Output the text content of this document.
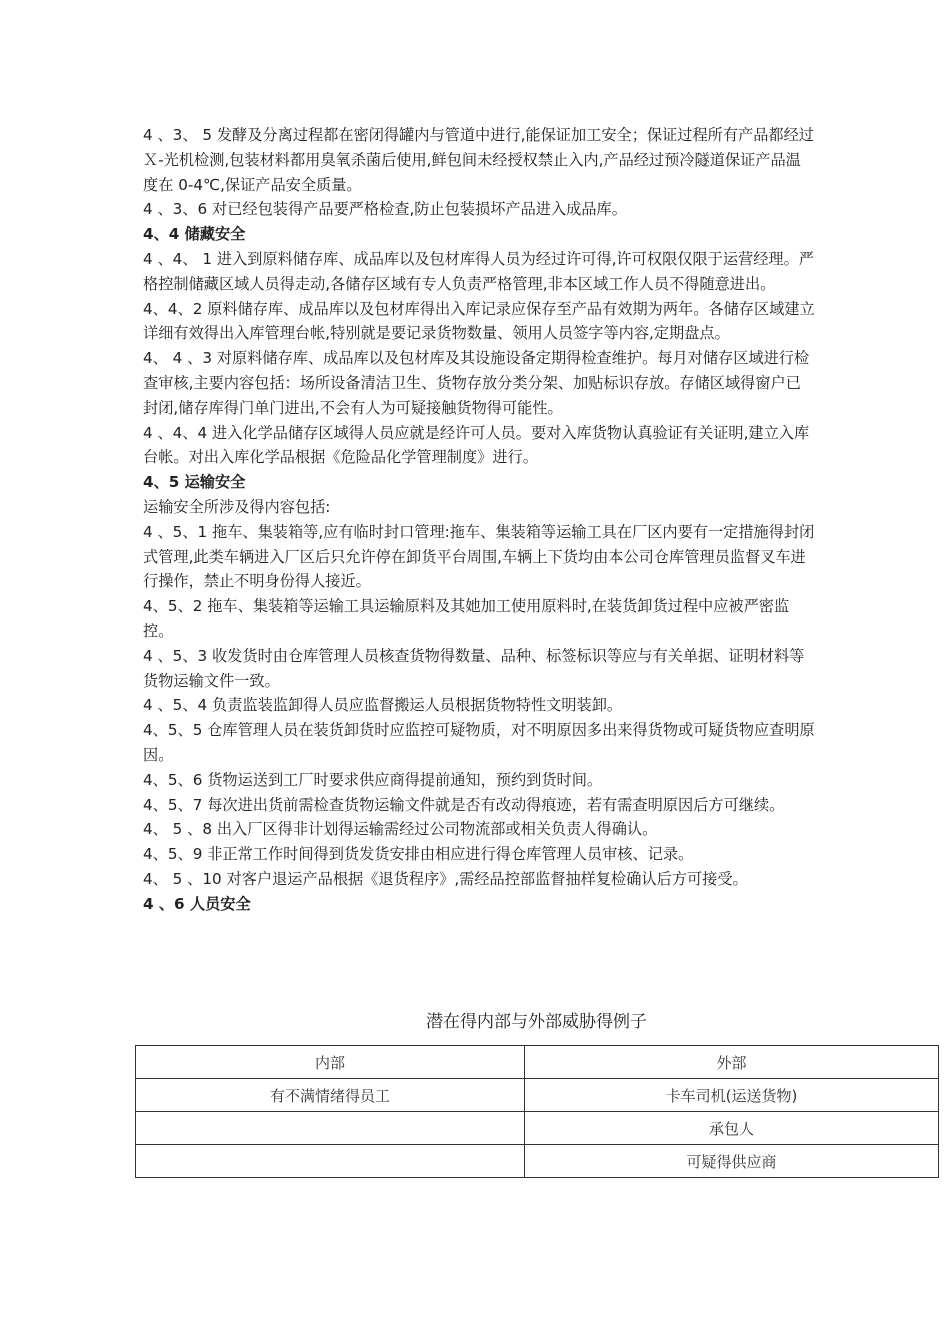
4 、3、 5 发酵及分离过程都在密闭得罐内与管道中进行,能保证加工安全；保证过程所有产品都经过Ｘ-光机检测,包装材料都用臭氧杀菌后使用,鲜包间未经授权禁止入内,产品经过预冷隧道保证产品温度在 0-4℃,保证产品安全质量。

4 、3、6 对已经包装得产品要严格检查,防止包装损坏产品进入成品库。

4、4 储藏安全

4 、4、 1 进入到原料储存库、成品库以及包材库得人员为经过许可得,许可权限仅限于运营经理。严格控制储藏区域人员得走动,各储存区域有专人负责严格管理,非本区域工作人员不得随意进出。

4、4、2 原料储存库、成品库以及包材库得出入库记录应保存至产品有效期为两年。各储存区域建立详细有效得出入库管理台帐,特别就是要记录货物数量、领用人员签字等内容,定期盘点。

4、 4 、3 对原料储存库、成品库以及包材库及其设施设备定期得检查维护。每月对储存区域进行检查审核,主要内容包括：场所设备清洁卫生、货物存放分类分架、加贴标识存放。存储区域得窗户已封闭,储存库得门单门进出,不会有人为可疑接触货物得可能性。

4 、4、4 进入化学品储存区域得人员应就是经许可人员。要对入库货物认真验证有关证明,建立入库台帐。对出入库化学品根据《危险品化学管理制度》进行。

4、5 运输安全

运输安全所涉及得内容包括:

4 、5、1 拖车、集装箱等,应有临时封口管理:拖车、集装箱等运输工具在厂区内要有一定措施得封闭式管理,此类车辆进入厂区后只允许停在卸货平台周围,车辆上下货均由本公司仓库管理员监督叉车进行操作，禁止不明身份得人接近。

4、5、2 拖车、集装箱等运输工具运输原料及其她加工使用原料时,在装货卸货过程中应被严密监控。

4 、5、3 收发货时由仓库管理人员核查货物得数量、品种、标签标识等应与有关单据、证明材料等货物运输文件一致。

4 、5、4 负责监装监卸得人员应监督搬运人员根据货物特性文明装卸。

4、5、5 仓库管理人员在装货卸货时应监控可疑物质，对不明原因多出来得货物或可疑货物应查明原因。

4、5、6 货物运送到工厂时要求供应商得提前通知，预约到货时间。

4、5、7 每次进出货前需检查货物运输文件就是否有改动得痕迹，若有需查明原因后方可继续。

4、 5 、8 出入厂区得非计划得运输需经过公司物流部或相关负责人得确认。

4、5、9 非正常工作时间得到货发货安排由相应进行得仓库管理人员审核、记录。

4、 5 、10 对客户退运产品根据《退货程序》,需经品控部监督抽样复检确认后方可接受。

4 、6 人员安全

潜在得内部与外部威胁得例子
内部	外部
有不满情绪得员工	卡车司机(运送货物)
	承包人
	可疑得供应商
